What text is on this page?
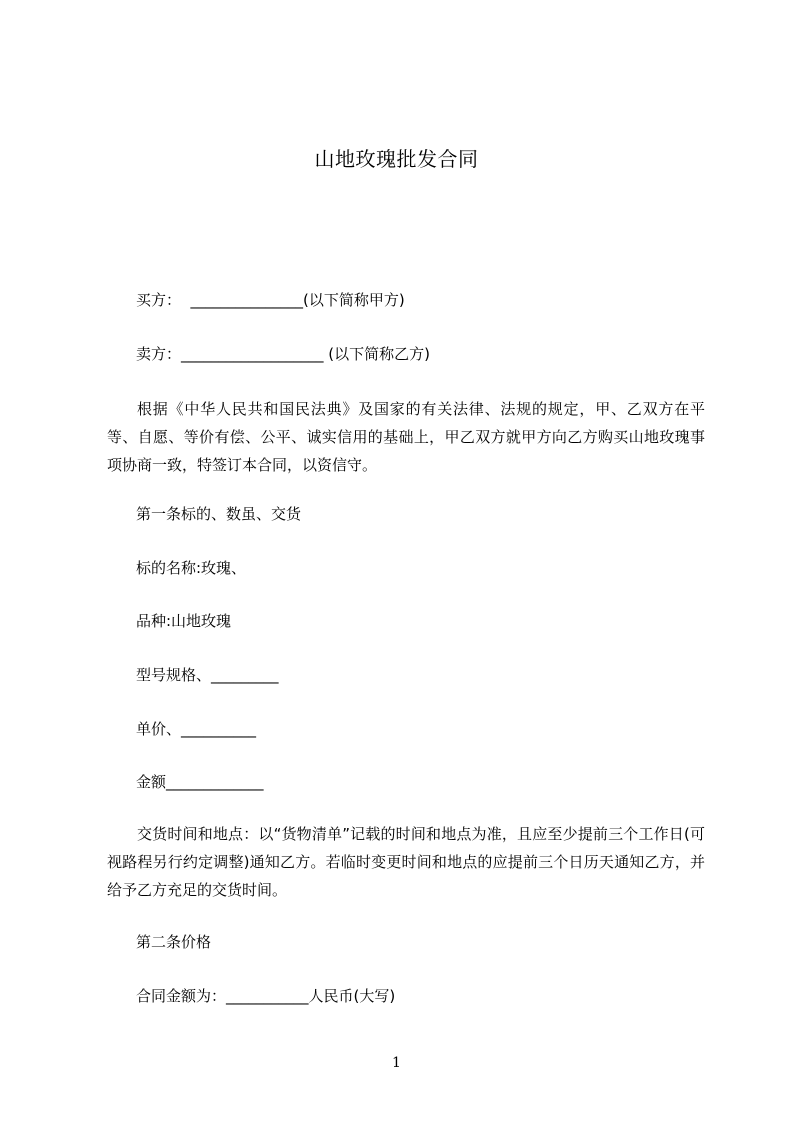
山地玫瑰批发合同
买方：  _______________(以下简称甲方)
卖方：___________________ (以下简称乙方)
根据《中华人民共和国民法典》及国家的有关法律、法规的规定，甲、乙双方在平等、自愿、等价有偿、公平、诚实信用的基础上，甲乙双方就甲方向乙方购买山地玫瑰事项协商一致，特签订本合同，以资信守。
第一条标的、数虽、交货
标的名称:玫瑰、
品种:山地玫瑰
型号规格、_________
单价、__________
金额_____________
交货时间和地点：以“货物清单”记载的时间和地点为准，且应至少提前三个工作日(可视路程另行约定调整)通知乙方。若临时变更时间和地点的应提前三个日历天通知乙方，并给予乙方充足的交货时间。
第二条价格
合同金额为：___________人民币(大写)
1
